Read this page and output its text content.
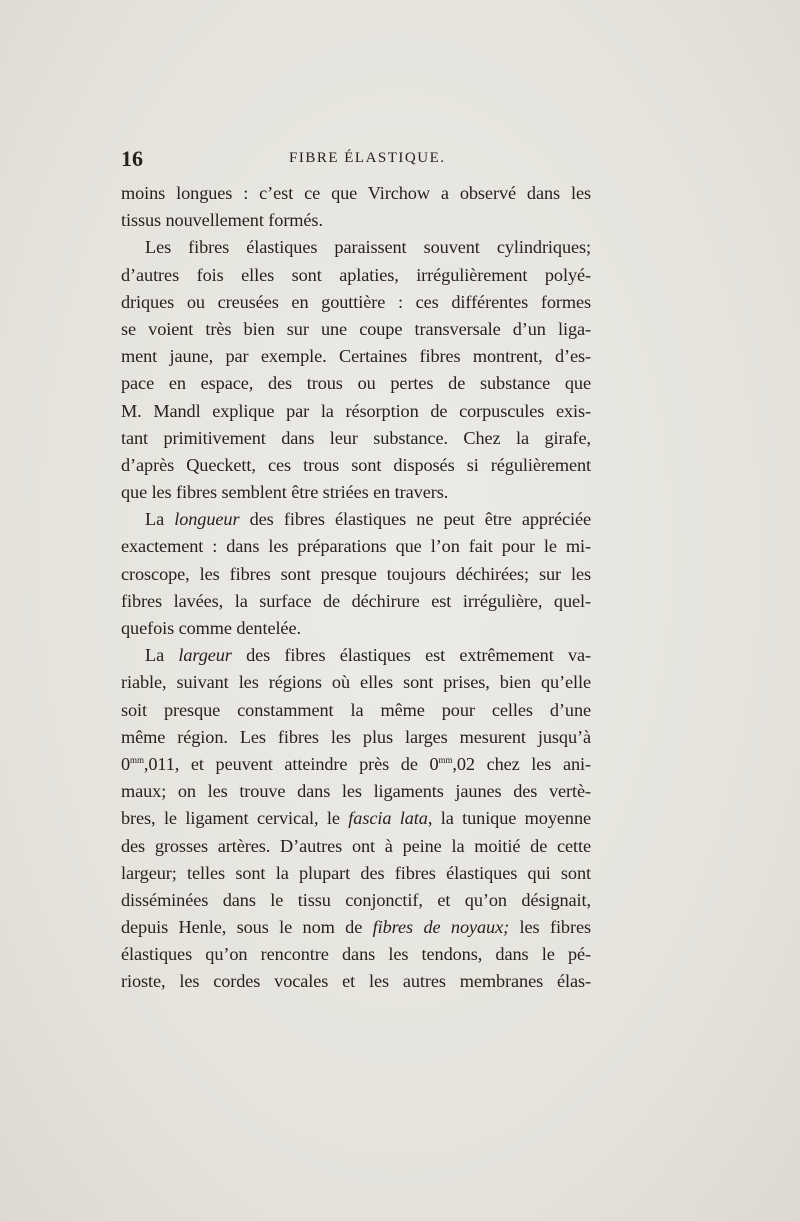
16	FIBRE ÉLASTIQUE.
moins longues : c’est ce que Virchow a observé dans les
tissus nouvellement formés.
Les fibres élastiques paraissent souvent cylindriques;
d’autres fois elles sont aplaties, irrégulièrement polyé-
driques ou creusées en gouttière : ces différentes formes
se voient très bien sur une coupe transversale d’un liga-
ment jaune, par exemple. Certaines fibres montrent, d’es-
pace en espace, des trous ou pertes de substance que
M. Mandl explique par la résorption de corpuscules exis-
tant primitivement dans leur substance. Chez la girafe,
d’après Queckett, ces trous sont disposés si régulièrement
que les fibres semblent être striées en travers.
La longueur des fibres élastiques ne peut être appréciée
exactement : dans les préparations que l’on fait pour le mi-
croscope, les fibres sont presque toujours déchirées; sur les
fibres lavées, la surface de déchirure est irrégulière, quel-
quefois comme dentelée.
La largeur des fibres élastiques est extrêmement va-
riable, suivant les régions où elles sont prises, bien qu’elle
soit presque constamment la même pour celles d’une
même région. Les fibres les plus larges mesurent jusqu’à
$0^{mm},011$, et peuvent atteindre près de $0^{mm},02$ chez les ani-
maux; on les trouve dans les ligaments jaunes des vertè-
bres, le ligament cervical, le fascia lata, la tunique moyenne
des grosses artères. D’autres ont à peine la moitié de cette
largeur; telles sont la plupart des fibres élastiques qui sont
disséminées dans le tissu conjonctif, et qu’on désignait,
depuis Henle, sous le nom de fibres de noyaux; les fibres
élastiques qu’on rencontre dans les tendons, dans le pé-
rioste, les cordes vocales et les autres membranes élas-
